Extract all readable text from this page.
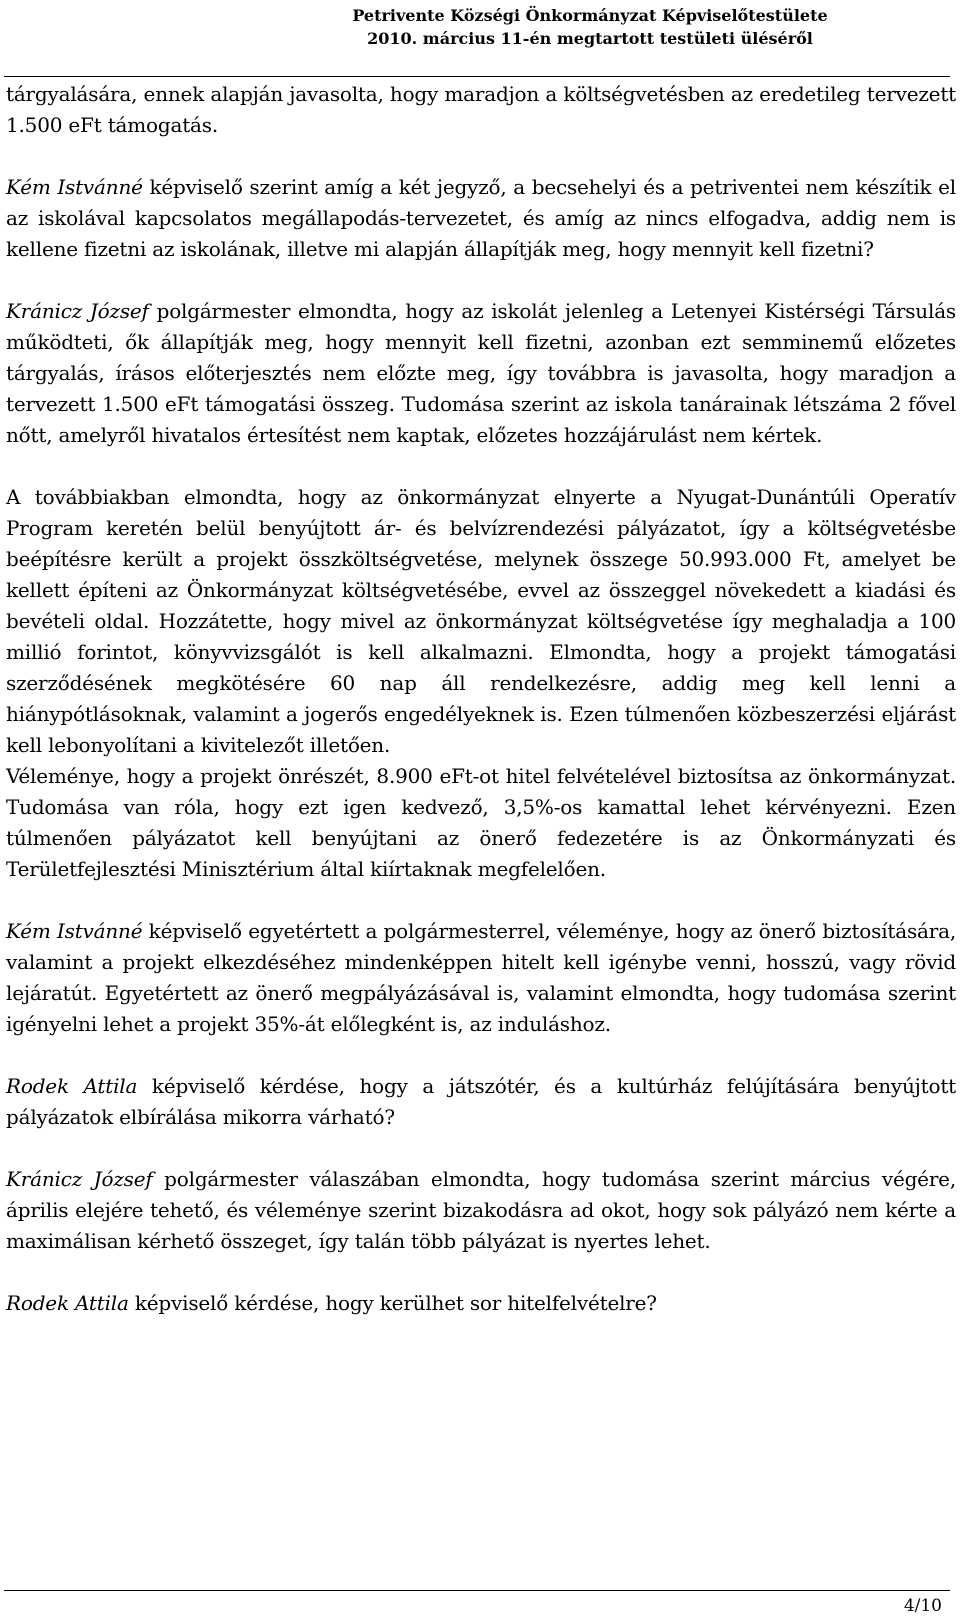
Petrivente Községi Önkormányzat Képviselőtestülete
2010. március 11-én megtartott testületi üléséről

tárgyalására, ennek alapján javasolta, hogy maradjon a költségvetésben az eredetileg tervezett 1.500 eFt támogatás.

Kém Istvánné képviselő szerint amíg a két jegyző, a becsehelyi és a petriventei nem készítik el az iskolával kapcsolatos megállapodás-tervezetet, és amíg az nincs elfogadva, addig nem is kellene fizetni az iskolának, illetve mi alapján állapítják meg, hogy mennyit kell fizetni?

Kránicz József polgármester elmondta, hogy az iskolát jelenleg a Letenyei Kistérségi Társulás működteti, ők állapítják meg, hogy mennyit kell fizetni, azonban ezt semminemű előzetes tárgyalás, írásos előterjesztés nem előzte meg, így továbbra is javasolta, hogy maradjon a tervezett 1.500 eFt támogatási összeg. Tudomása szerint az iskola tanárainak létszáma 2 fővel nőtt, amelyről hivatalos értesítést nem kaptak, előzetes hozzájárulást nem kértek.

A továbbiakban elmondta, hogy az önkormányzat elnyerte a Nyugat-Dunántúli Operatív Program keretén belül benyújtott ár- és belvízrendezési pályázatot, így a költségvetésbe beépítésre került a projekt összköltségvetése, melynek összege 50.993.000 Ft, amelyet be kellett építeni az Önkormányzat költségvetésébe, evvel az összeggel növekedett a kiadási és bevételi oldal. Hozzátette, hogy mivel az önkormányzat költségvetése így meghaladja a 100 millió forintot, könyvvizsgálót is kell alkalmazni. Elmondta, hogy a projekt támogatási szerződésének megkötésére 60 nap áll rendelkezésre, addig meg kell lenni a hiánypótlásoknak, valamint a jogerős engedélyeknek is. Ezen túlmenően közbeszerzési eljárást kell lebonyolítani a kivitelezőt illetően.

Véleménye, hogy a projekt önrészét, 8.900 eFt-ot hitel felvételével biztosítsa az önkormányzat. Tudomása van róla, hogy ezt igen kedvező, 3,5%-os kamattal lehet kérvényezni. Ezen túlmenően pályázatot kell benyújtani az önerő fedezetére is az Önkormányzati és Területfejlesztési Minisztérium által kiírtaknak megfelelően.

Kém Istvánné képviselő egyetértett a polgármesterrel, véleménye, hogy az önerő biztosítására, valamint a projekt elkezdéséhez mindenképpen hitelt kell igénybe venni, hosszú, vagy rövid lejáratút. Egyetértett az önerő megpályázásával is, valamint elmondta, hogy tudomása szerint igényelni lehet a projekt 35%-át előlegként is, az induláshoz.

Rodek Attila képviselő kérdése, hogy a játszótér, és a kultúrház felújítására benyújtott pályázatok elbírálása mikorra várható?

Kránicz József polgármester válaszában elmondta, hogy tudomása szerint március végére, április elejére tehető, és véleménye szerint bizakodásra ad okot, hogy sok pályázó nem kérte a maximálisan kérhető összeget, így talán több pályázat is nyertes lehet.

Rodek Attila képviselő kérdése, hogy kerülhet sor hitelfelvételre?

4/10
